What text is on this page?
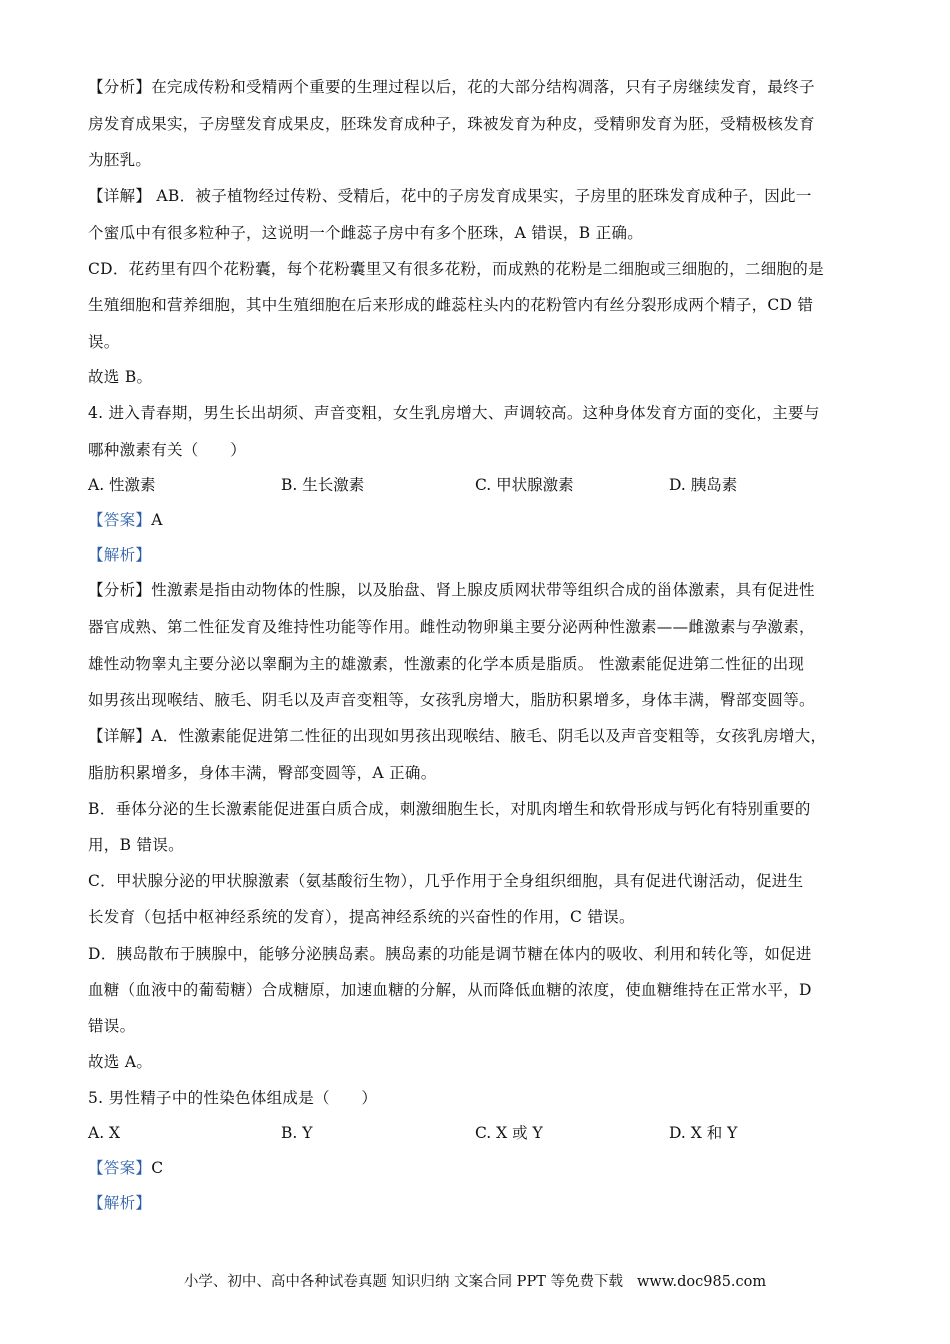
【分析】在完成传粉和受精两个重要的生理过程以后，花的大部分结构凋落，只有子房继续发育，最终子
房发育成果实，子房壁发育成果皮，胚珠发育成种子，珠被发育为种皮，受精卵发育为胚，受精极核发育
为胚乳。
【详解】 AB．被子植物经过传粉、受精后，花中的子房发育成果实，子房里的胚珠发育成种子，因此一
个蜜瓜中有很多粒种子，这说明一个雌蕊子房中有多个胚珠，A 错误，B 正确。
CD．花药里有四个花粉囊，每个花粉囊里又有很多花粉，而成熟的花粉是二细胞或三细胞的，二细胞的是
生殖细胞和营养细胞，其中生殖细胞在后来形成的雌蕊柱头内的花粉管内有丝分裂形成两个精子，CD 错
误。
故选 B。
4. 进入青春期，男生长出胡须、声音变粗，女生乳房增大、声调较高。这种身体发育方面的变化，主要与
哪种激素有关（　　）
A. 性激素	B. 生长激素	C. 甲状腺激素	D. 胰岛素
【答案】A
【解析】
【分析】性激素是指由动物体的性腺，以及胎盘、肾上腺皮质网状带等组织合成的甾体激素，具有促进性
器官成熟、第二性征发育及维持性功能等作用。雌性动物卵巢主要分泌两种性激素——雌激素与孕激素，
雄性动物睾丸主要分泌以睾酮为主的雄激素，性激素的化学本质是脂质。 性激素能促进第二性征的出现
如男孩出现喉结、腋毛、阴毛以及声音变粗等，女孩乳房增大，脂肪积累增多，身体丰满，臀部变圆等。
【详解】A．性激素能促进第二性征的出现如男孩出现喉结、腋毛、阴毛以及声音变粗等，女孩乳房增大，
脂肪积累增多，身体丰满，臀部变圆等，A 正确。
B．垂体分泌的生长激素能促进蛋白质合成，刺激细胞生长，对肌肉增生和软骨形成与钙化有特别重要的
用，B 错误。
C．甲状腺分泌的甲状腺激素（氨基酸衍生物），几乎作用于全身组织细胞，具有促进代谢活动，促进生
长发育（包括中枢神经系统的发育），提高神经系统的兴奋性的作用，C 错误。
D．胰岛散布于胰腺中，能够分泌胰岛素。胰岛素的功能是调节糖在体内的吸收、利用和转化等，如促进
血糖（血液中的葡萄糖）合成糖原，加速血糖的分解，从而降低血糖的浓度，使血糖维持在正常水平，D
错误。
故选 A。
5. 男性精子中的性染色体组成是（　　）
A. X	B. Y	C. X 或 Y	D. X 和 Y
【答案】C
【解析】
小学、初中、高中各种试卷真题 知识归纳 文案合同 PPT 等免费下载 www.doc985.com
